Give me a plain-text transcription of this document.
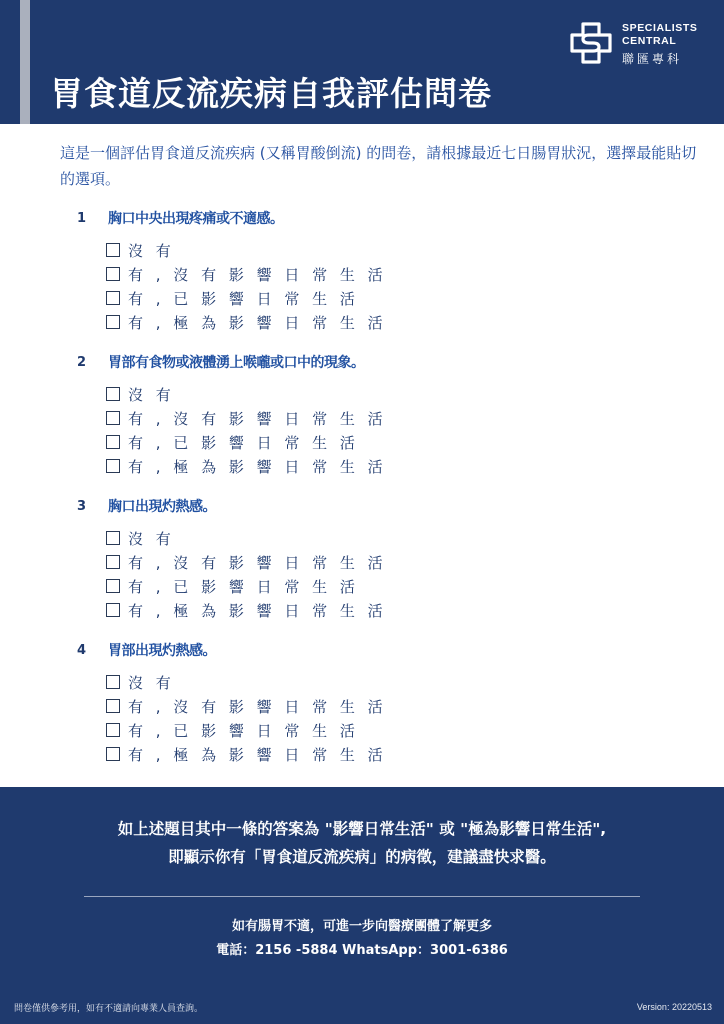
胃食道反流疾病自我評估問卷
SPECIALISTS
CENTRAL
聯匯專科

這是一個評估胃食道反流疾病 (又稱胃酸倒流) 的問卷，請根據最近七日腸胃狀況，選擇最能貼切的選項。

1 胸口中央出現疼痛或不適感。
沒 有
有 , 沒 有 影 響 日 常 生 活
有 , 已 影 響 日 常 生 活
有 , 極 為 影 響 日 常 生 活
2 胃部有食物或液體湧上喉嚨或口中的現象。
沒 有
有 , 沒 有 影 響 日 常 生 活
有 , 已 影 響 日 常 生 活
有 , 極 為 影 響 日 常 生 活
3 胸口出現灼熱感。
沒 有
有 , 沒 有 影 響 日 常 生 活
有 , 已 影 響 日 常 生 活
有 , 極 為 影 響 日 常 生 活
4 胃部出現灼熱感。
沒 有
有 , 沒 有 影 響 日 常 生 活
有 , 已 影 響 日 常 生 活
有 , 極 為 影 響 日 常 生 活

如上述題目其中一條的答案為 "影響日常生活" 或 "極為影響日常生活",
即顯示你有「胃食道反流疾病」的病徵，建議盡快求醫。

如有腸胃不適，可進一步向醫療團體了解更多
電話：2156 -5884 WhatsApp：3001-6386
問卷僅供參考用，如有不適請向專業人員查詢。	Version: 20220513
